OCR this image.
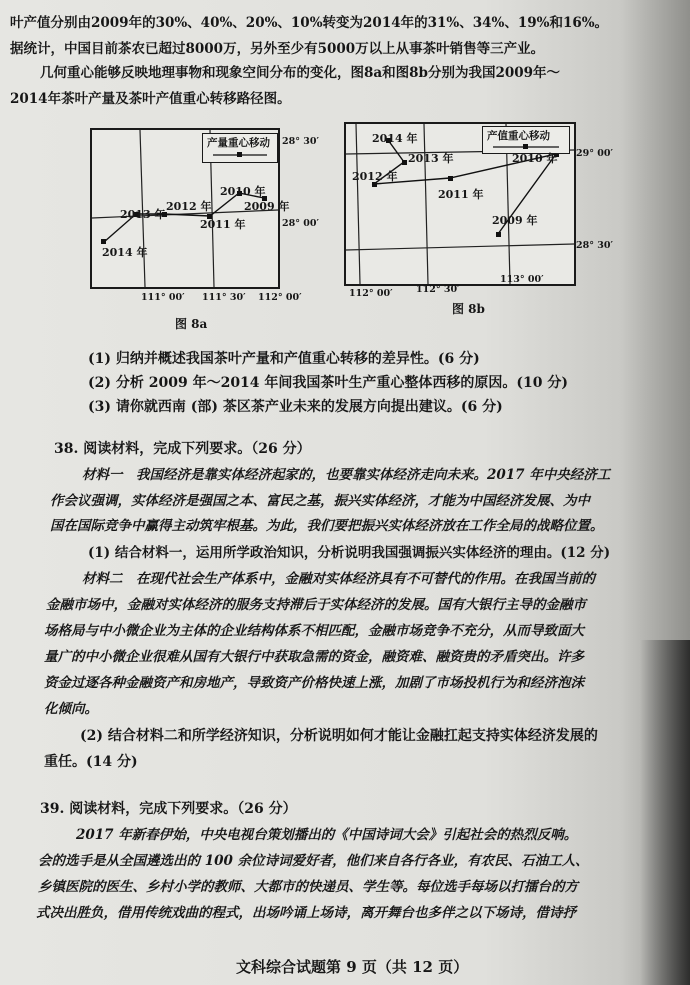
叶产值分别由2009年的30%、40%、20%、10%转变为2014年的31%、34%、19%和16%。
据统计，中国目前茶农已超过8000万，另外至少有5000万以上从事茶叶销售等三产业。
几何重心能够反映地理事物和现象空间分布的变化，图8a和图8b分别为我国2009年～
2014年茶叶产量及茶叶产值重心转移路径图。
产量重心移动
2010 年
2009 年
2012 年
2011 年
2013 年
2014 年
28° 30′
28° 00′
111° 00′ 111° 30′ 112° 00′
图 8a
产值重心移动
2014 年
2013 年
2012 年
2011 年
2010 年
2009 年
29° 00′
28° 30′
112° 00′ 112° 30′
113° 00′
图 8b
(1) 归纳并概述我国茶叶产量和产值重心转移的差异性。(6 分)
(2) 分析 2009 年～2014 年间我国茶叶生产重心整体西移的原因。(10 分)
(3) 请你就西南 (部) 茶区茶产业未来的发展方向提出建议。(6 分)
38. 阅读材料，完成下列要求。（26 分）
材料一　我国经济是靠实体经济起家的，也要靠实体经济走向未来。2017 年中央经济工
作会议强调，实体经济是强国之本、富民之基，振兴实体经济，才能为中国经济发展、为中
国在国际竞争中赢得主动筑牢根基。为此，我们要把振兴实体经济放在工作全局的战略位置。
(1) 结合材料一，运用所学政治知识，分析说明我国强调振兴实体经济的理由。(12 分)
材料二　在现代社会生产体系中，金融对实体经济具有不可替代的作用。在我国当前的
金融市场中，金融对实体经济的服务支持滞后于实体经济的发展。国有大银行主导的金融市
场格局与中小微企业为主体的企业结构体系不相匹配，金融市场竞争不充分，从而导致面大
量广的中小微企业很难从国有大银行中获取急需的资金，融资难、融资贵的矛盾突出。许多
资金过逐各种金融资产和房地产，导致资产价格快速上涨，加剧了市场投机行为和经济泡沫
化倾向。
(2) 结合材料二和所学经济知识，分析说明如何才能让金融扛起支持实体经济发展的
重任。(14 分)
39. 阅读材料，完成下列要求。（26 分）
2017 年新春伊始，中央电视台策划播出的《中国诗词大会》引起社会的热烈反响。
会的选手是从全国遴选出的 100 余位诗词爱好者，他们来自各行各业，有农民、石油工人、
乡镇医院的医生、乡村小学的教师、大都市的快递员、学生等。每位选手每场以打擂台的方
式决出胜负，借用传统戏曲的程式，出场吟诵上场诗，离开舞台也多伴之以下场诗，借诗抒
文科综合试题第 9 页（共 12 页）
